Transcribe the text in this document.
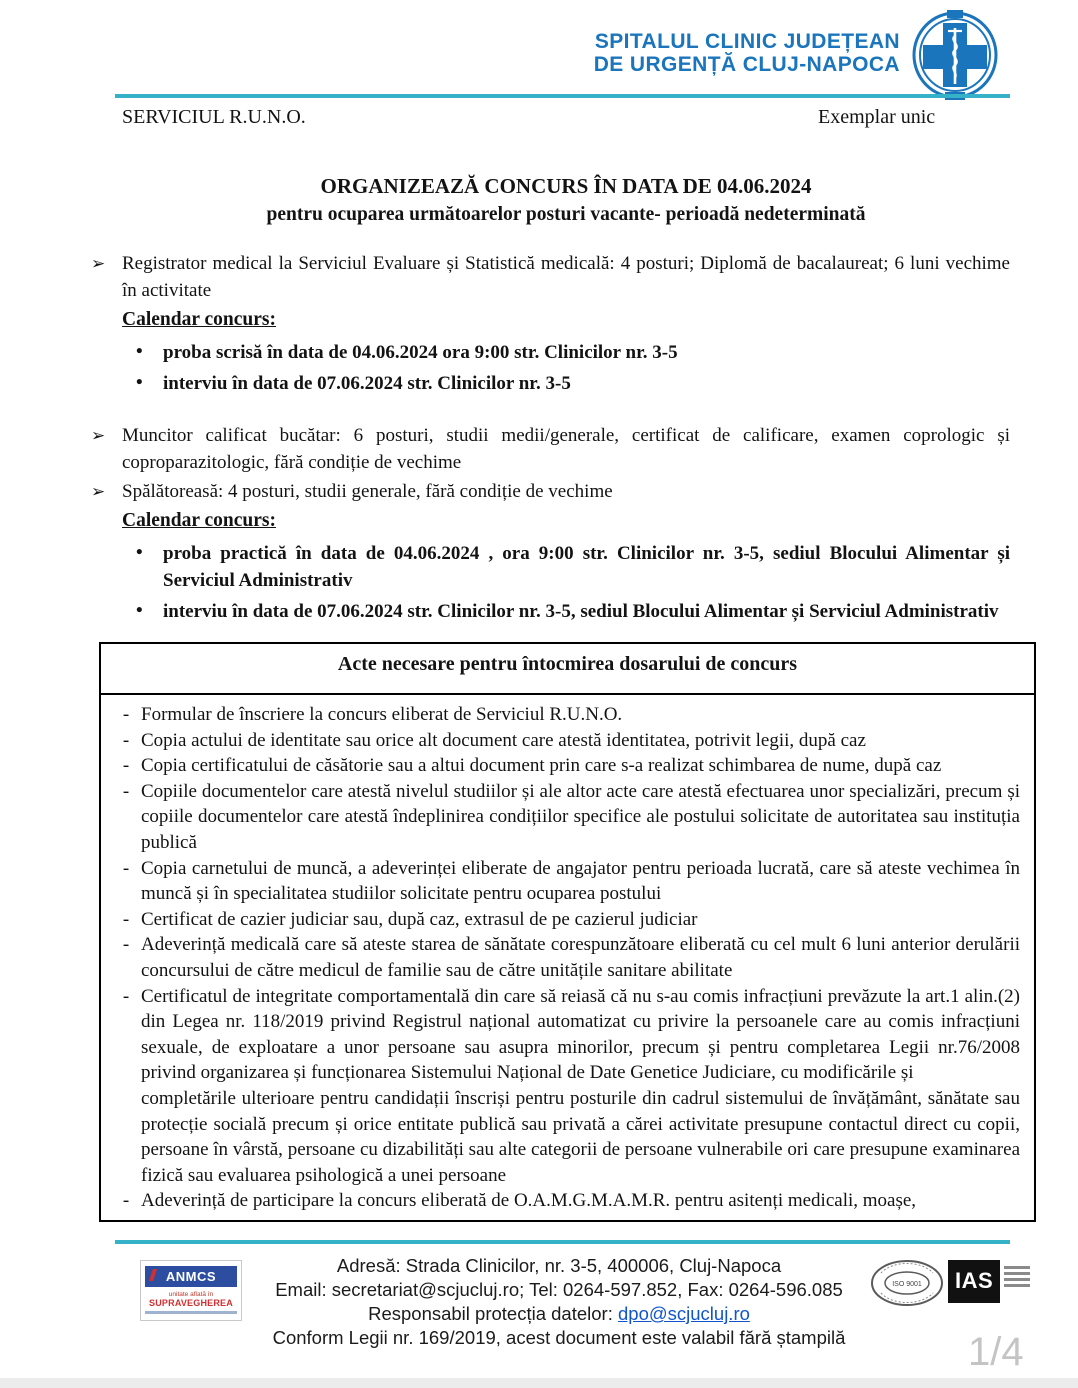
SPITALUL CLINIC JUDEȚEAN
DE URGENȚĂ CLUJ-NAPOCA
SERVICIUL R.U.N.O.	Exemplar unic
ORGANIZEAZĂ CONCURS ÎN DATA DE 04.06.2024
pentru ocuparea următoarelor posturi vacante- perioadă nedeterminată
➢ Registrator medical la Serviciul Evaluare și Statistică medicală: 4 posturi; Diplomă de bacalaureat; 6 luni vechime în activitate
Calendar concurs:
• proba scrisă în data de 04.06.2024 ora 9:00 str. Clinicilor nr. 3-5
• interviu în data de 07.06.2024 str. Clinicilor nr. 3-5
➢ Muncitor calificat bucătar: 6 posturi, studii medii/generale, certificat de calificare, examen coprologic și coproparazitologic, fără condiție de vechime
➢ Spălătoreasă: 4 posturi, studii generale, fără condiție de vechime
Calendar concurs:
• proba practică în data de 04.06.2024 , ora 9:00 str. Clinicilor nr. 3-5, sediul Blocului Alimentar și Serviciul Administrativ
• interviu în data de 07.06.2024 str. Clinicilor nr. 3-5, sediul Blocului Alimentar și Serviciul Administrativ
Acte necesare pentru întocmirea dosarului de concurs
- Formular de înscriere la concurs eliberat de Serviciul R.U.N.O.
- Copia actului de identitate sau orice alt document care atestă identitatea, potrivit legii, după caz
- Copia certificatului de căsătorie sau a altui document prin care s-a realizat schimbarea de nume, după caz
- Copiile documentelor care atestă nivelul studiilor și ale altor acte care atestă efectuarea unor specializări, precum și copiile documentelor care atestă îndeplinirea condițiilor specifice ale postului solicitate de autoritatea sau instituția publică
- Copia carnetului de muncă, a adeverinței eliberate de angajator pentru perioada lucrată, care să ateste vechimea în muncă și în specialitatea studiilor solicitate pentru ocuparea postului
- Certificat de cazier judiciar sau, după caz, extrasul de pe cazierul judiciar
- Adeverință medicală care să ateste starea de sănătate corespunzătoare eliberată cu cel mult 6 luni anterior derulării concursului de către medicul de familie sau de către unitățile sanitare abilitate
- Certificatul de integritate comportamentală din care să reiasă că nu s-au comis infracțiuni prevăzute la art.1 alin.(2) din Legea nr. 118/2019 privind Registrul național automatizat cu privire la persoanele care au comis infracțiuni sexuale, de exploatare a unor persoane sau asupra minorilor, precum și pentru completarea Legii nr.76/2008 privind organizarea și funcționarea Sistemului Național de Date Genetice Judiciare, cu modificările și
completările ulterioare pentru candidații înscriși pentru posturile din cadrul sistemului de învățământ, sănătate sau protecție socială precum și orice entitate publică sau privată a cărei activitate presupune contactul direct cu copii, persoane în vârstă, persoane cu dizabilități sau alte categorii de persoane vulnerabile ori care presupune examinarea fizică sau evaluarea psihologică a unei persoane
- Adeverință de participare la concurs eliberată de O.A.M.G.M.A.M.R. pentru asitenți medicali, moașe,
ANMCS
unitate aflată în
SUPRAVEGHEREA
Adresă: Strada Clinicilor, nr. 3-5, 400006, Cluj-Napoca
Email: secretariat@scjucluj.ro; Tel: 0264-597.852, Fax: 0264-596.085
Responsabil protecția datelor: dpo@scjucluj.ro
Conform Legii nr. 169/2019, acest document este valabil fără ștampilă
ISO 9001	IAS
1/4
